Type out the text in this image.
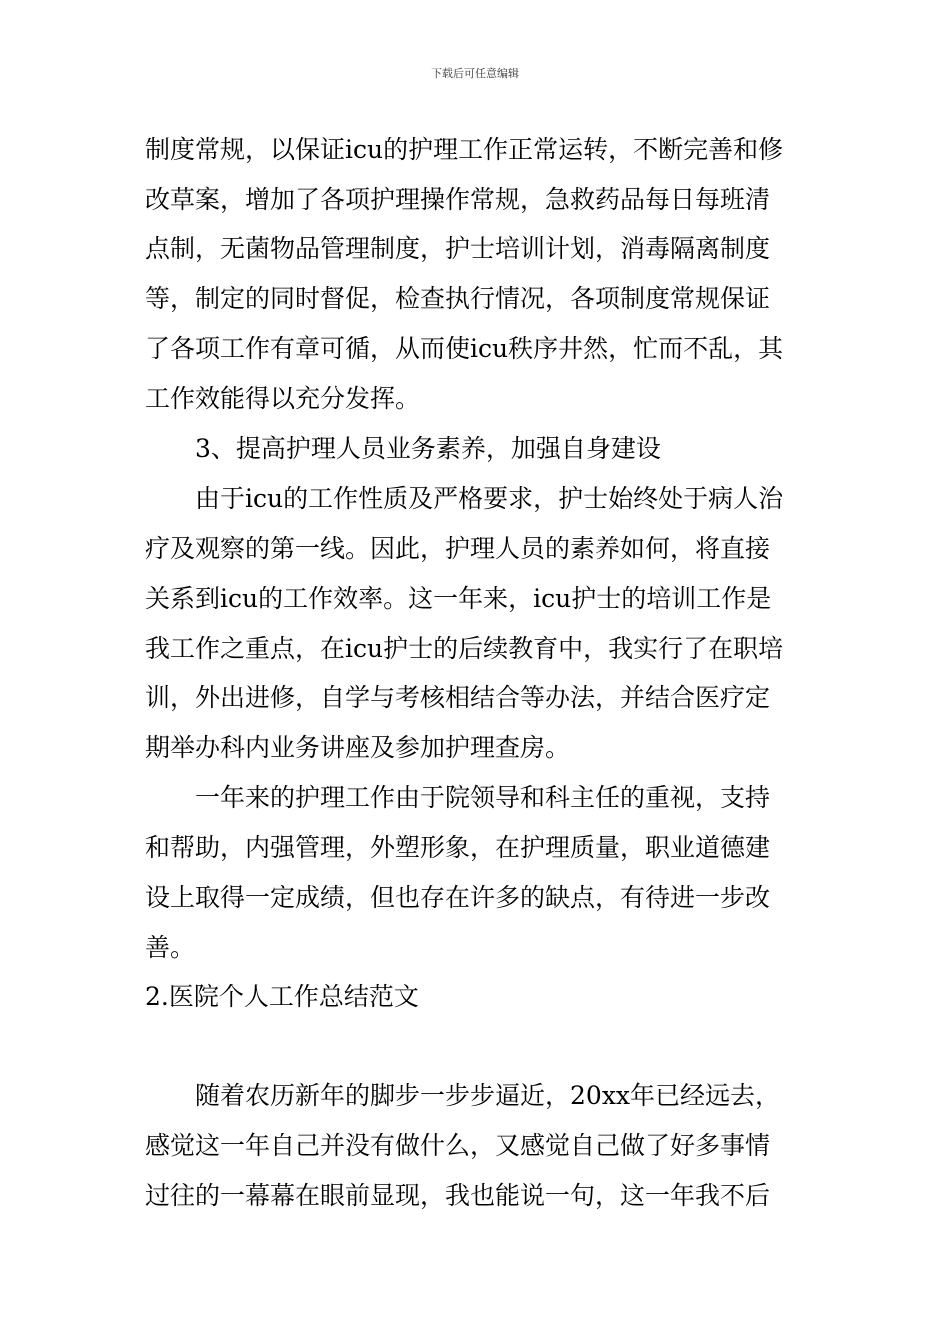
下载后可任意编辑
制度常规，以保证icu的护理工作正常运转，不断完善和修
改草案，增加了各项护理操作常规，急救药品每日每班清
点制，无菌物品管理制度，护士培训计划，消毒隔离制度
等，制定的同时督促，检查执行情况，各项制度常规保证
了各项工作有章可循，从而使icu秩序井然，忙而不乱，其
工作效能得以充分发挥。
3、提高护理人员业务素养，加强自身建设
由于icu的工作性质及严格要求，护士始终处于病人治
疗及观察的第一线。因此，护理人员的素养如何，将直接
关系到icu的工作效率。这一年来，icu护士的培训工作是
我工作之重点，在icu护士的后续教育中，我实行了在职培
训，外出进修，自学与考核相结合等办法，并结合医疗定
期举办科内业务讲座及参加护理查房。
一年来的护理工作由于院领导和科主任的重视，支持
和帮助，内强管理，外塑形象，在护理质量，职业道德建
设上取得一定成绩，但也存在许多的缺点，有待进一步改
善。
2.医院个人工作总结范文
随着农历新年的脚步一步步逼近，20xx年已经远去，
感觉这一年自己并没有做什么，又感觉自己做了好多事情
过往的一幕幕在眼前显现，我也能说一句，这一年我不后
